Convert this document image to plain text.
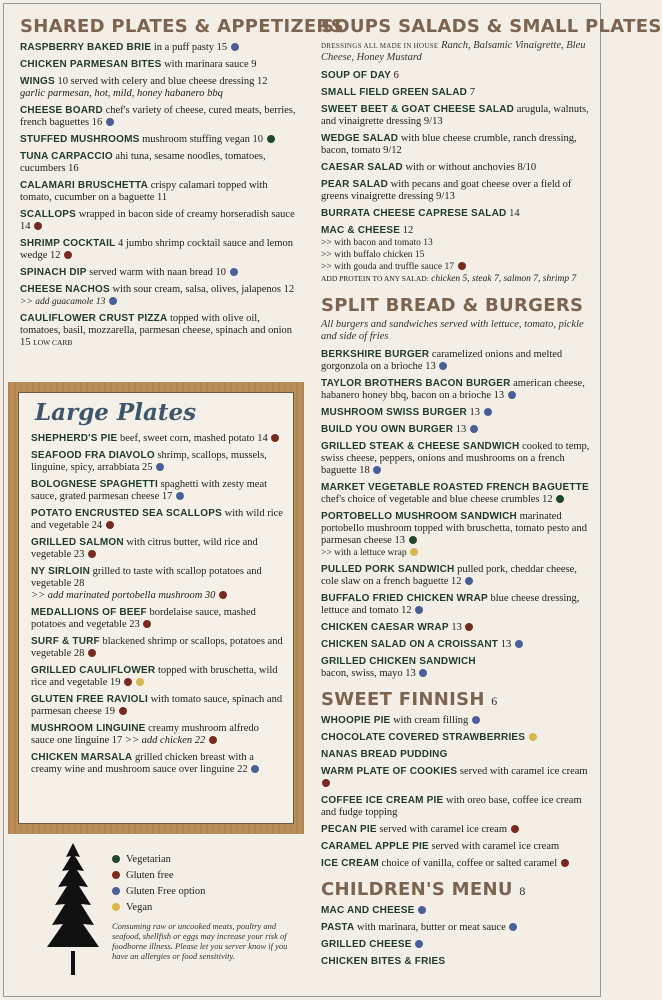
SHARED PLATES & APPETIZERS
RASPBERRY BAKED BRIE in a puff pasty 15
CHICKEN PARMESAN BITES with marinara sauce 9
WINGS 10 served with celery and blue cheese dressing 12
garlic parmesan, hot, mild, honey habanero bbq
CHEESE BOARD chef's variety of cheese, cured meats, berries, french baguettes 16
STUFFED MUSHROOMS mushroom stuffing vegan 10
TUNA CARPACCIO ahi tuna, sesame noodles, tomatoes, cucumbers 16
CALAMARI BRUSCHETTA crispy calamari topped with tomato, cucumber on a baguette 11
SCALLOPS wrapped in bacon side of creamy horseradish sauce 14
SHRIMP COCKTAIL 4 jumbo shrimp cocktail sauce and lemon wedge 12
SPINACH DIP served warm with naan bread 10
CHEESE NACHOS with sour cream, salsa, olives, jalapenos 12 >> add guacamole 13
CAULIFLOWER CRUST PIZZA topped with olive oil, tomatoes, basil, mozzarella, parmesan cheese, spinach and onion 15 LOW CARB
Large Plates
SHEPHERD'S PIE beef, sweet corn, mashed potato 14
SEAFOOD FRA DIAVOLO shrimp, scallops, mussels, linguine, spicy, arrabbiata 25
BOLOGNESE SPAGHETTI spaghetti with zesty meat sauce, grated parmesan cheese 17
POTATO ENCRUSTED SEA SCALLOPS with wild rice and vegetable 24
GRILLED SALMON with citrus butter, wild rice and vegetable 23
NY SIRLOIN grilled to taste with scallop potatoes and vegetable 28
>> add marinated portobella mushroom 30
MEDALLIONS OF BEEF bordelaise sauce, mashed potatoes and vegetable 23
SURF & TURF blackened shrimp or scallops, potatoes and vegetable 28
GRILLED CAULIFLOWER topped with bruschetta, wild rice and vegetable 19
GLUTEN FREE RAVIOLI with tomato sauce, spinach and parmesan cheese 19
MUSHROOM LINGUINE creamy mushroom alfredo sauce one linguine 17 >> add chicken 22
CHICKEN MARSALA grilled chicken breast with a creamy wine and mushroom sauce over linguine 22
Vegetarian
Gluten free
Gluten Free option
Vegan
Consuming raw or uncooked meats, poultry and seafood, shellfish or eggs may increase your risk of foodborne illness. Please let you server know if you have an allergies or food sensitivity.
SOUPS SALADS & SMALL PLATES
DRESSINGS ALL MADE IN HOUSE Ranch, Balsamic Vinaigrette, Bleu Cheese, Honey Mustard
SOUP OF DAY 6
SMALL FIELD GREEN SALAD 7
SWEET BEET & GOAT CHEESE SALAD arugula, walnuts, and vinaigrette dressing 9/13
WEDGE SALAD with blue cheese crumble, ranch dressing, bacon, tomato 9/12
CAESAR SALAD with or without anchovies 8/10
PEAR SALAD with pecans and goat cheese over a field of greens vinaigrette dressing 9/13
BURRATA CHEESE CAPRESE SALAD 14
MAC & CHEESE 12
>> with bacon and tomato 13
>> with buffalo chicken 15
>> with gouda and truffle sauce 17
ADD PROTEIN TO ANY SALAD: chicken 5, steak 7, salmon 7, shrimp 7
SPLIT BREAD & BURGERS
All burgers and sandwiches served with lettuce, tomato, pickle and side of fries
BERKSHIRE BURGER caramelized onions and melted gorgonzola on a brioche 13
TAYLOR BROTHERS BACON BURGER american cheese, habanero honey bbq, bacon on a brioche 13
MUSHROOM SWISS BURGER 13
BUILD YOU OWN BURGER 13
GRILLED STEAK & CHEESE SANDWICH cooked to temp, swiss cheese, peppers, onions and mushrooms on a french baguette 18
MARKET VEGETABLE ROASTED FRENCH BAGUETTE chef's choice of vegetable and blue cheese crumbles 12
PORTOBELLO MUSHROOM SANDWICH marinated portobello mushroom topped with bruschetta, tomato pesto and parmesan cheese 13
>> with a lettuce wrap
PULLED PORK SANDWICH pulled pork, cheddar cheese, cole slaw on a french baguette 12
BUFFALO FRIED CHICKEN WRAP blue cheese dressing, lettuce and tomato 12
CHICKEN CAESAR WRAP 13
CHICKEN SALAD ON A CROISSANT 13
GRILLED CHICKEN SANDWICH
bacon, swiss, mayo 13
SWEET FINNISH 6
WHOOPIE PIE with cream filling
CHOCOLATE COVERED STRAWBERRIES
NANAS BREAD PUDDING
WARM PLATE OF COOKIES served with caramel ice cream
COFFEE ICE CREAM PIE with oreo base, coffee ice cream and fudge topping
PECAN PIE served with caramel ice cream
CARAMEL APPLE PIE served with caramel ice cream
ICE CREAM choice of vanilla, coffee or salted caramel
CHILDREN'S MENU 8
MAC AND CHEESE
PASTA with marinara, butter or meat sauce
GRILLED CHEESE
CHICKEN BITES & FRIES
